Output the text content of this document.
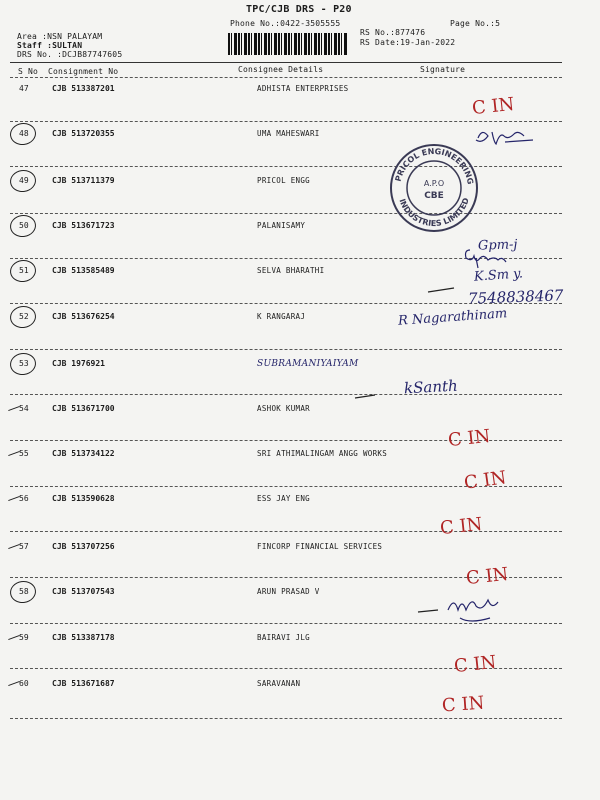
TPC/CJB DRS - P20
Phone No.:0422-3505555
Area :NSN PALAYAM
Staff :SULTAN
DRS No. :DCJB87747605
RS No.:877476
RS Date:19-Jan-2022
Page No.:5
S No Consignment No	Consignee Details	Signature
47	CJB 513387201	ADHISTA ENTERPRISES
48	CJB 513720355	UMA MAHESWARI
49	CJB 513711379	PRICOL ENGG
50	CJB 513671723	PALANISAMY
51	CJB 513585489	SELVA BHARATHI
52	CJB 513676254	K RANGARAJ
53	CJB 1976921	SUBRAMANIYAIYAM
54	CJB 513671700	ASHOK KUMAR
55	CJB 513734122	SRI ATHIMALINGAM ANGG WORKS
56	CJB 513590628	ESS JAY ENG
57	CJB 513707256	FINCORP FINANCIAL SERVICES
58	CJB 513707543	ARUN PRASAD V
59	CJB 513387178	BAIRAVI JLG
60	CJB 513671687	SARAVANAN
C IN
K.Sm y.
7548838467
R Nagarathinam
kSanth
Gpm-j
C IN
C IN
C IN
C IN
C IN
C IN
PRICOL ENGINEERING
INDUSTRIES LIMITED
A.P.O
CBE
